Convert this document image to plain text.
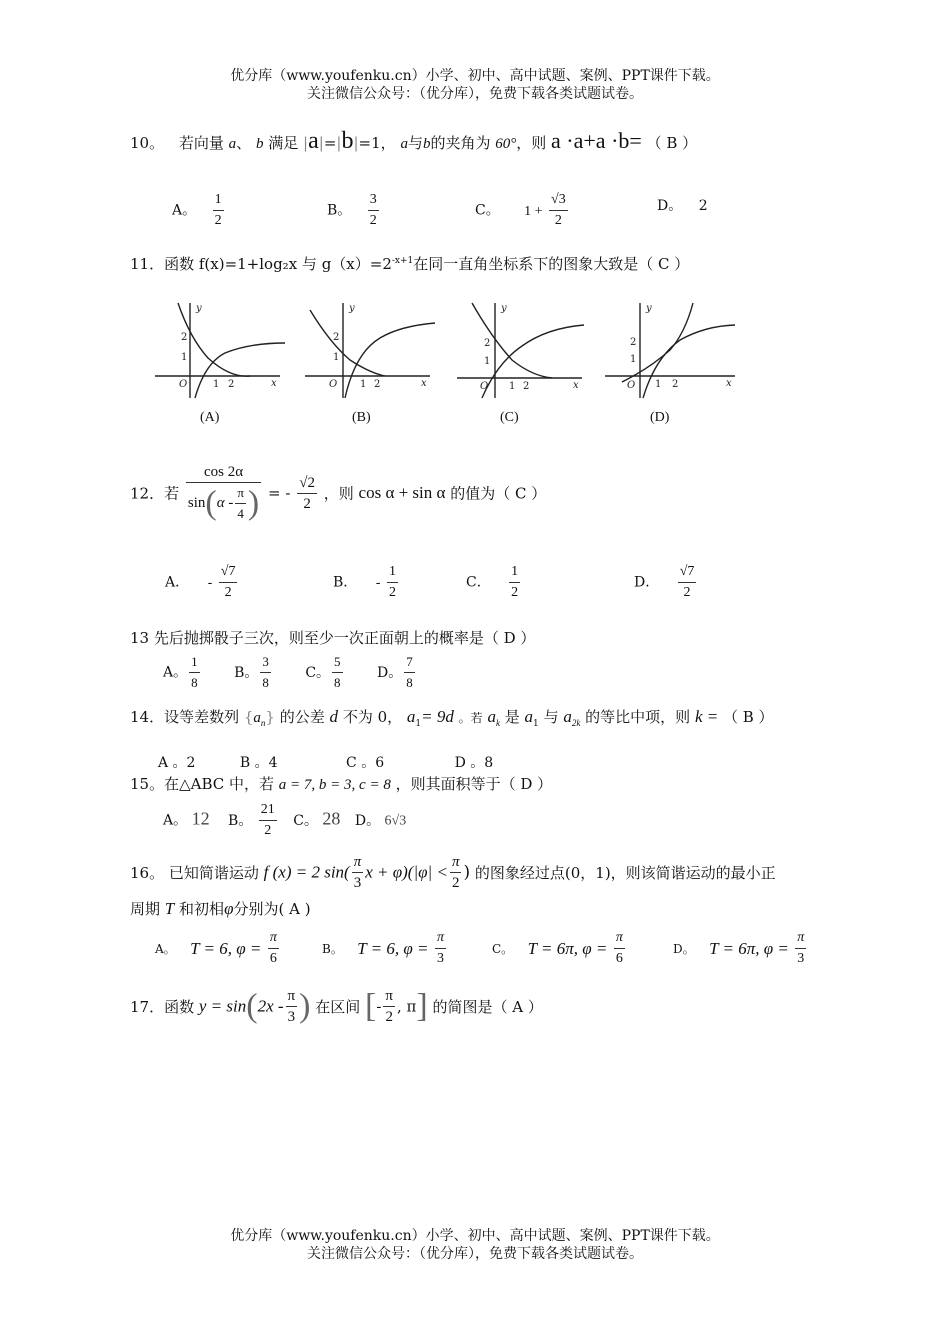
优分库（www.youfenku.cn）小学、初中、高中试题、案例、PPT课件下载。
关注微信公众号：（优分库），免费下载各类试题试卷。
10。 若向量 a、 b 满足 |a|=|b|=1， a与b的夹角为 60°，则 a ·a+a ·b= （ B ）
A。 $\frac{1}{2}$	B。 $\frac{3}{2}$	C。 $1 + \frac{√3}{2}$	D。 2
11．函数 f(x)=1+log₂x 与 $g(x)=2^{-x+1}$在同一直角坐标系下的图象大致是（ C ）
y
x
O
2
1
1 2
(A)
y
x
O
2
1
1 2
(B)
y
x
O
2
1
1 2
(C)
y
x
O
2
1
1 2
(D)
12．若 $\frac{\cos 2\alpha}{\sin(\alpha - \frac{\pi}{4} )}$ = - $\frac{√2}{2}$ ，则 cos α + sin α 的值为（ C ）
A． - $\frac{√7}{2}$	B． - $\frac{1}{2}$	C． $\frac{1}{2}$	D． $\frac{√7}{2}$
13 先后抛掷骰子三次，则至少一次正面朝上的概率是（ D ）
A。 $\frac{1}{8}$ B。 $\frac{3}{8}$ C。 $\frac{5}{8}$ D。 $\frac{7}{8}$
14．设等差数列 $\{a_n\}$ 的公差 d 不为 0， $a_1= 9d$ 。若 $a_k$ 是 $a_1$ 与 $a_{2k}$ 的等比中项，则 k = （ B ）
A 。2	B 。4	C 。6	D 。8
15。在△ABC 中，若 a = 7, b = 3, c = 8 ，则其面积等于（ D ）
A。 12 B。 $\frac{21}{2}$ C。 28 D。 6√3
16。 已知简谐运动 f (x) = 2 $\sin( \frac{\pi}{3}$ $x + \varphi)(|\varphi| < \frac{\pi}{2}$ ) 的图象经过点(0，1)，则该简谐运动的最小正
周期 T 和初相φ分别为( A )
A。 T = 6, $\varphi = \frac{\pi}{6}$	B。 T = 6, $\varphi = \frac{\pi}{3}$	C。 T = 6π, $\varphi = \frac{\pi}{6}$	D。 T = 6π, $\varphi = \frac{\pi}{3}$
17．函数 $y = \sin(2x - \frac{\pi}{3}$ ) 在区间 [- $\frac{\pi}{2}$ , π] 的简图是（ A ）
优分库（www.youfenku.cn）小学、初中、高中试题、案例、PPT课件下载。
关注微信公众号：（优分库），免费下载各类试题试卷。
